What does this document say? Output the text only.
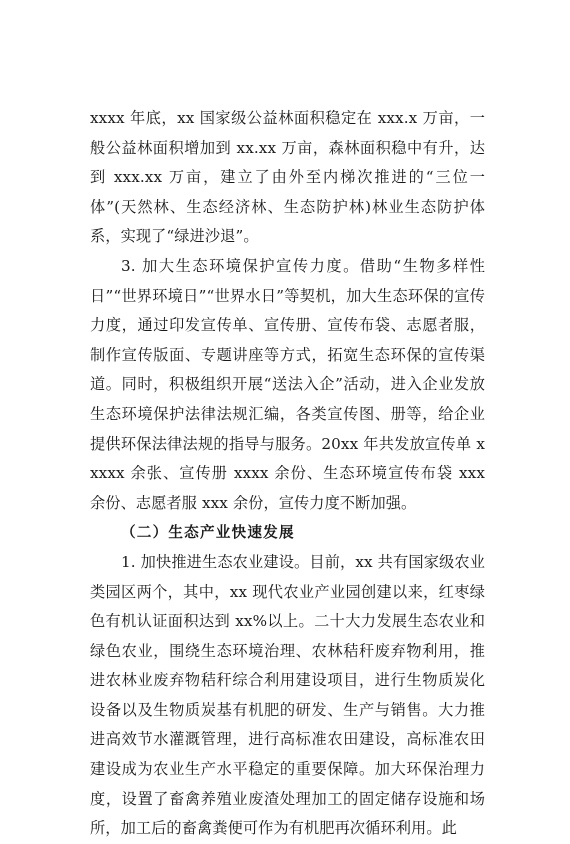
xxxx 年底，xx 国家级公益林面积稳定在 xxx.x 万亩，一般公益林面积增加到 xx.xx 万亩，森林面积稳中有升，达到 xxx.xx 万亩，建立了由外至内梯次推进的“三位一体”(天然林、生态经济林、生态防护林)林业生态防护体系，实现了“绿进沙退”。

3. 加大生态环境保护宣传力度。借助“生物多样性日”“世界环境日”“世界水日”等契机，加大生态环保的宣传力度，通过印发宣传单、宣传册、宣传布袋、志愿者服，制作宣传版面、专题讲座等方式，拓宽生态环保的宣传渠道。同时，积极组织开展“送法入企”活动，进入企业发放生态环境保护法律法规汇编，各类宣传图、册等，给企业提供环保法律法规的指导与服务。20xx 年共发放宣传单 xxxxx 余张、宣传册 xxxx 余份、生态环境宣传布袋 xxx 余份、志愿者服 xxx 余份，宣传力度不断加强。

（二）生态产业快速发展

1. 加快推进生态农业建设。目前，xx 共有国家级农业类园区两个，其中，xx 现代农业产业园创建以来，红枣绿色有机认证面积达到 xx%以上。二十大力发展生态农业和绿色农业，围绕生态环境治理、农林秸秆废弃物利用，推进农林业废弃物秸秆综合利用建设项目，进行生物质炭化设备以及生物质炭基有机肥的研发、生产与销售。大力推进高效节水灌溉管理，进行高标准农田建设，高标准农田建设成为农业生产水平稳定的重要保障。加大环保治理力度，设置了畜禽养殖业废渣处理加工的固定储存设施和场所，加工后的畜禽粪便可作为有机肥再次循环利用。此
